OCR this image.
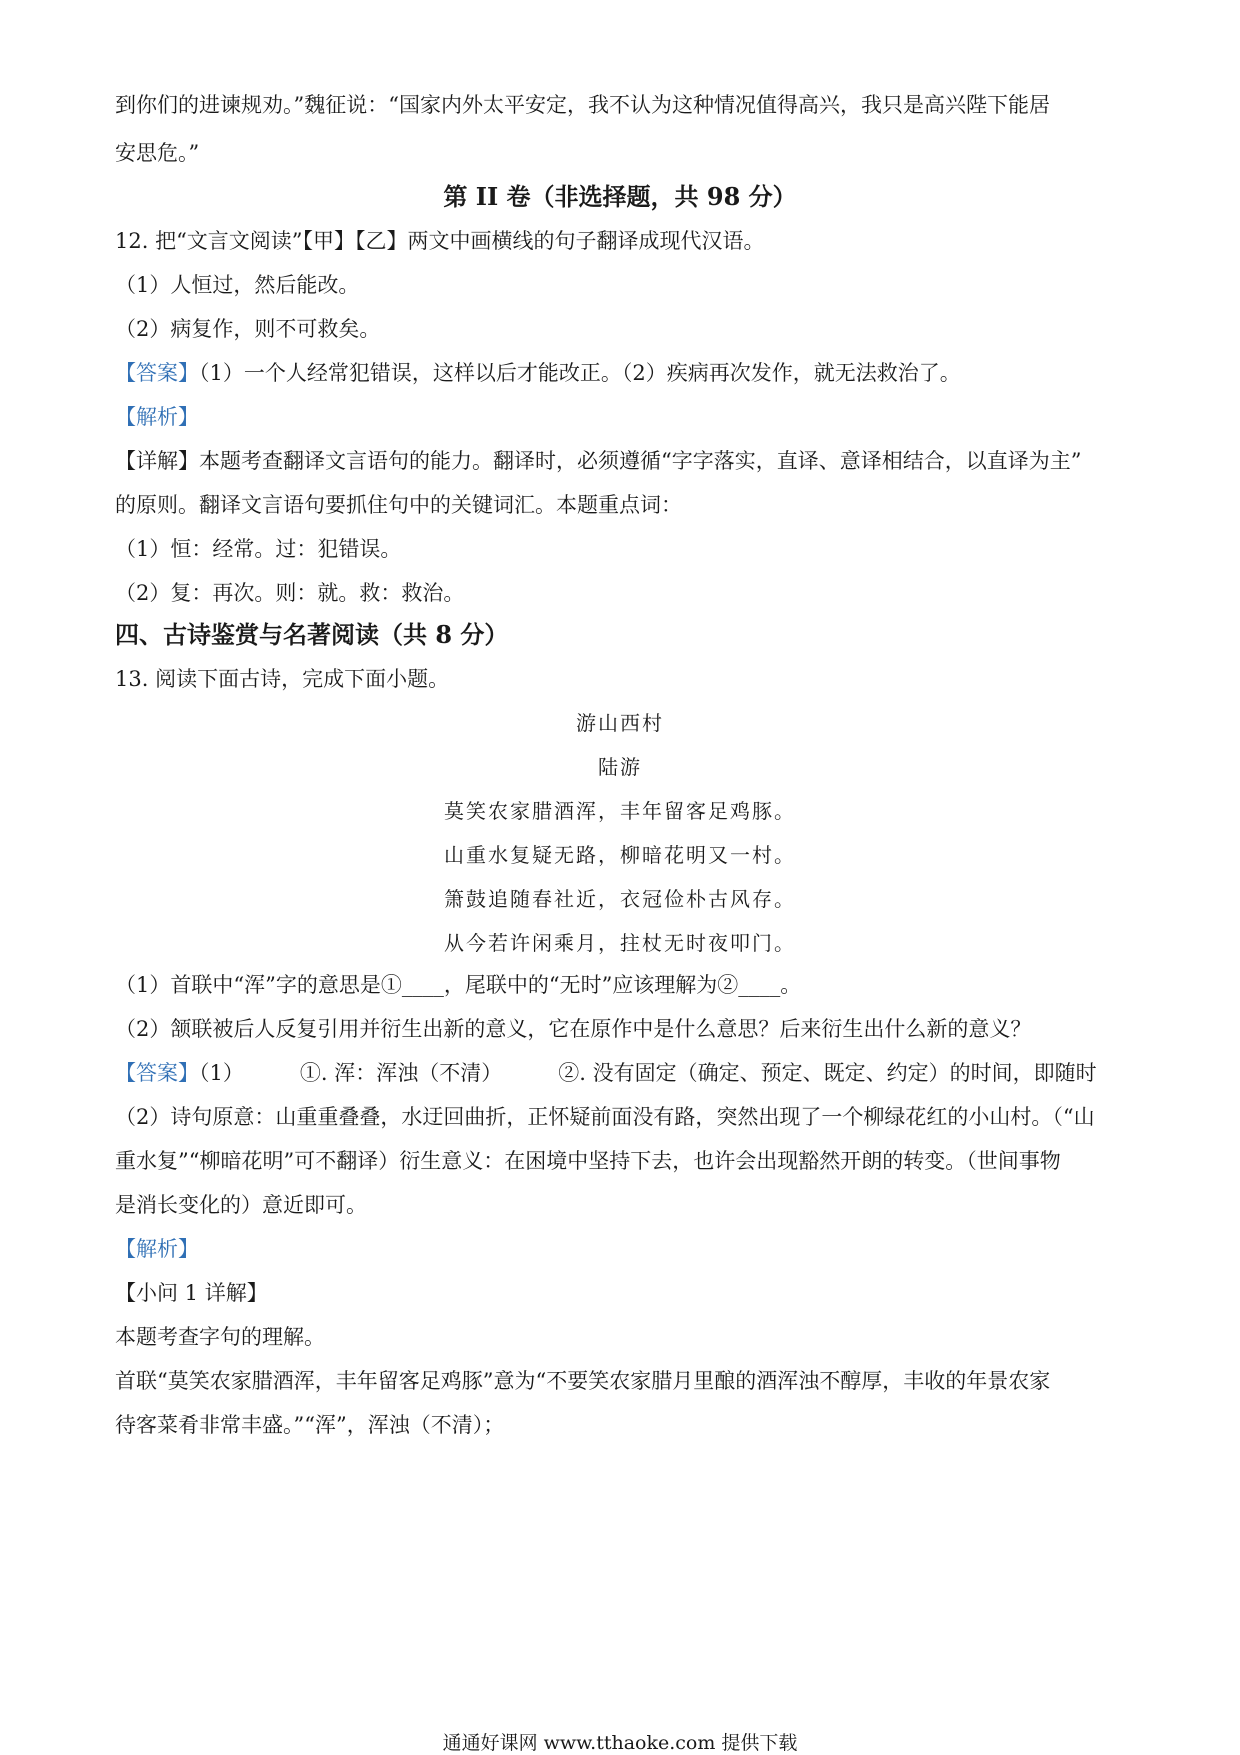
到你们的进谏规劝。”魏征说：“国家内外太平安定，我不认为这种情况值得高兴，我只是高兴陛下能居
安思危。”
第 II 卷（非选择题，共 98 分）
12. 把“文言文阅读”【甲】【乙】两文中画横线的句子翻译成现代汉语。
（1）人恒过，然后能改。
（2）病复作，则不可救矣。
【答案】（1）一个人经常犯错误，这样以后才能改正。（2）疾病再次发作，就无法救治了。
【解析】
【详解】本题考查翻译文言语句的能力。翻译时，必须遵循“字字落实，直译、意译相结合，以直译为主”
的原则。翻译文言语句要抓住句中的关键词汇。本题重点词：
（1）恒：经常。过：犯错误。
（2）复：再次。则：就。救：救治。
四、古诗鉴赏与名著阅读（共 8 分）
13. 阅读下面古诗，完成下面小题。
游山西村
陆游
莫笑农家腊酒浑，丰年留客足鸡豚。
山重水复疑无路，柳暗花明又一村。
箫鼓追随春社近，衣冠俭朴古风存。
从今若许闲乘月，拄杖无时夜叩门。
（1）首联中“浑”字的意思是①____，尾联中的“无时”应该理解为②____。
（2）颔联被后人反复引用并衍生出新的意义，它在原作中是什么意思？后来衍生出什么新的意义？
【答案】（1）	①. 浑：浑浊（不清）	②. 没有固定（确定、预定、既定、约定）的时间，即随时
（2）诗句原意：山重重叠叠，水迂回曲折，正怀疑前面没有路，突然出现了一个柳绿花红的小山村。（“山
重水复”“柳暗花明”可不翻译）衍生意义：在困境中坚持下去，也许会出现豁然开朗的转变。（世间事物
是消长变化的）意近即可。
【解析】
【小问 1 详解】
本题考查字句的理解。
首联“莫笑农家腊酒浑，丰年留客足鸡豚”意为“不要笑农家腊月里酿的酒浑浊不醇厚，丰收的年景农家
待客菜肴非常丰盛。”“浑”，浑浊（不清）；
通通好课网 www.tthaoke.com 提供下载
